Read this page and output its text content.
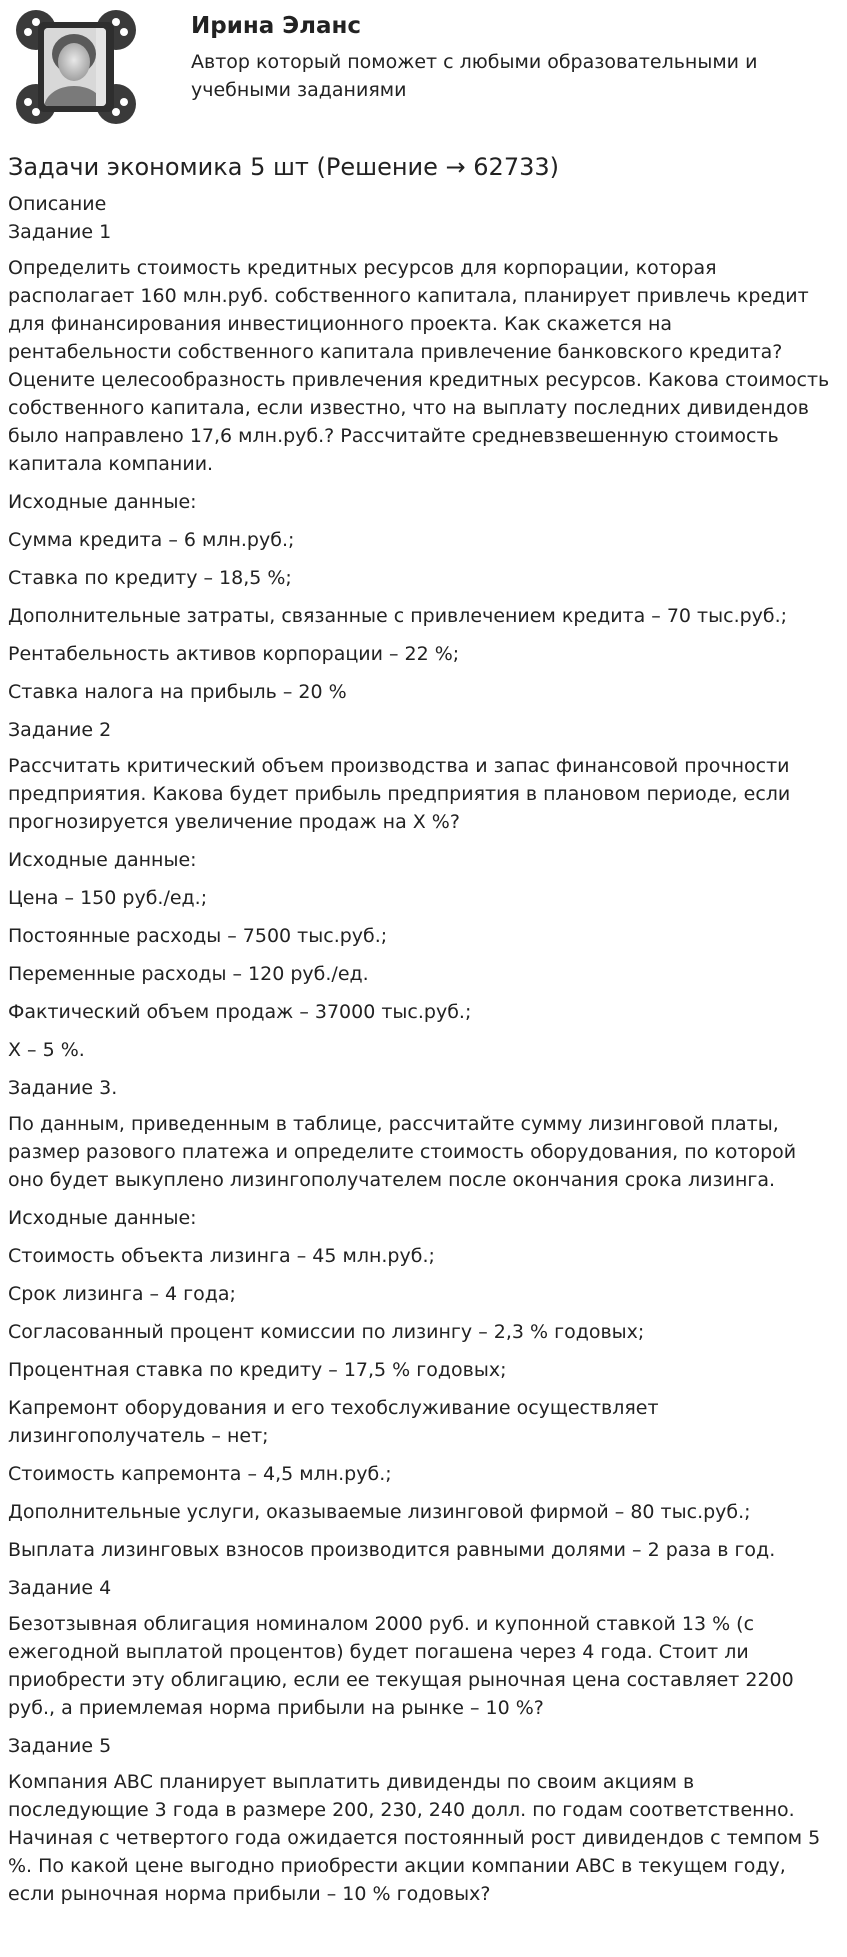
Ирина Эланс

Автор который поможет с любыми образовательными и учебными заданиями

Задачи экономика 5 шт (Решение → 62733)
Описание
Задание 1

Определить стоимость кредитных ресурсов для корпорации, которая располагает 160 млн.руб. собственного капитала, планирует привлечь кредит для финансирования инвестиционного проекта. Как скажется на рентабельности собственного капитала привлечение банковского кредита? Оцените целесообразность привлечения кредитных ресурсов. Какова стоимость собственного капитала, если известно, что на выплату последних дивидендов было направлено 17,6 млн.руб.? Рассчитайте средневзвешенную стоимость капитала компании.

Исходные данные:

Сумма кредита – 6 млн.руб.;

Ставка по кредиту – 18,5 %;

Дополнительные затраты, связанные с привлечением кредита – 70 тыс.руб.;

Рентабельность активов корпорации – 22 %;

Ставка налога на прибыль – 20 %

Задание 2

Рассчитать критический объем производства и запас финансовой прочности предприятия. Какова будет прибыль предприятия в плановом периоде, если прогнозируется увеличение продаж на Х %?

Исходные данные:

Цена – 150 руб./ед.;

Постоянные расходы – 7500 тыс.руб.;

Переменные расходы – 120 руб./ед.

Фактический объем продаж – 37000 тыс.руб.;

Х – 5 %.

Задание 3.

По данным, приведенным в таблице, рассчитайте сумму лизинговой платы, размер разового платежа и определите стоимость оборудования, по которой оно будет выкуплено лизингополучателем после окончания срока лизинга.

Исходные данные:

Стоимость объекта лизинга – 45 млн.руб.;

Срок лизинга – 4 года;

Согласованный процент комиссии по лизингу – 2,3 % годовых;

Процентная ставка по кредиту – 17,5 % годовых;

Капремонт оборудования и его техобслуживание осуществляет лизингополучатель – нет;

Стоимость капремонта – 4,5 млн.руб.;

Дополнительные услуги, оказываемые лизинговой фирмой – 80 тыс.руб.;

Выплата лизинговых взносов производится равными долями – 2 раза в год.

Задание 4

Безотзывная облигация номиналом 2000 руб. и купонной ставкой 13 % (с ежегодной выплатой процентов) будет погашена через 4 года. Стоит ли приобрести эту облигацию, если ее текущая рыночная цена составляет 2200 руб., а приемлемая норма прибыли на рынке – 10 %?

Задание 5

Компания АВС планирует выплатить дивиденды по своим акциям в последующие 3 года в размере 200, 230, 240 долл. по годам соответственно. Начиная с четвертого года ожидается постоянный рост дивидендов с темпом 5 %. По какой цене выгодно приобрести акции компании АВС в текущем году, если рыночная норма прибыли – 10 % годовых?
